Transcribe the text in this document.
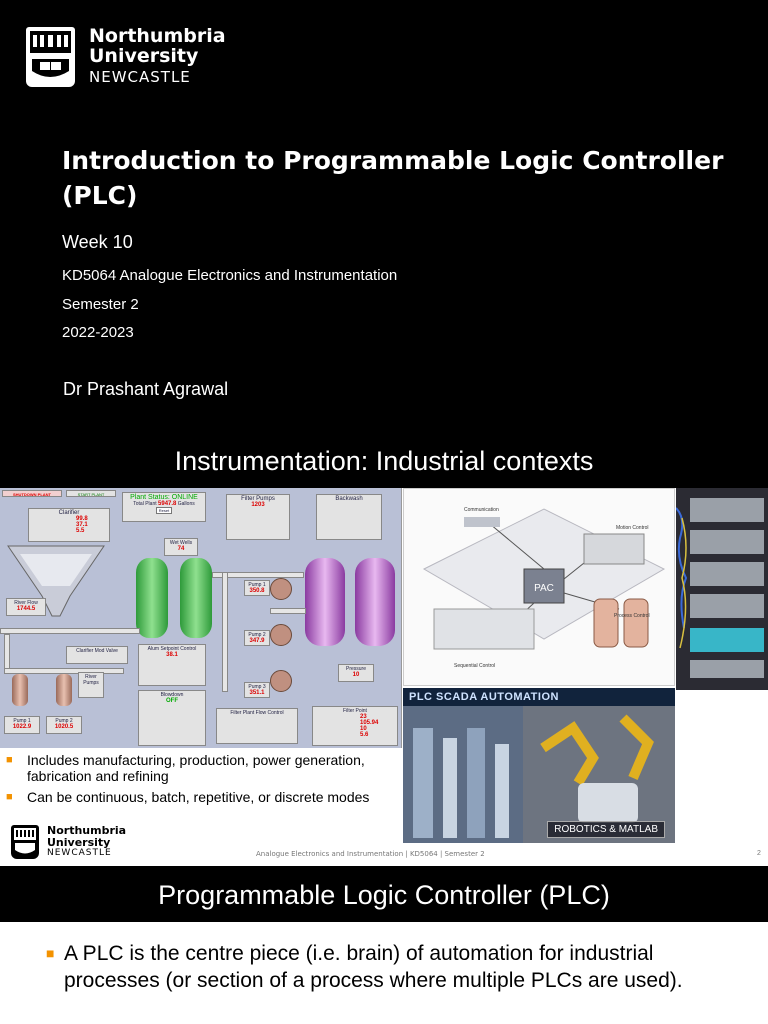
Northumbria
University
NEWCASTLE
Introduction to Programmable Logic Controller (PLC)
Week 10
KD5064 Analogue Electronics and Instrumentation
Semester 2
2022-2023
Dr Prashant Agrawal
Instrumentation: Industrial contexts
SHUTDOWN PLANT	START PLANT	Plant Status: ONLINE
Total Plant 5947.8 Gallons
Reset
Filter Pumps
1203
Backwash
Clarifier
99.8
37.1
5.5
Wet Wells
74
River Flow
1744.5
Pump 1
350.8
Pump 2
347.9
Pump 3
351.1
Clarifier Mod Valve	Alum Setpoint Control
38.1
River Pumps
Blowdown
OFF
Pressure
10
Filter Plant Flow Control	Filter Point
23
105.94
10
5.6
Pump 1
1022.9
Pump 2
1020.5
PAC
Communication
Motion Control
Process Control
Sequential Control
PLC SCADA AUTOMATION
ROBOTICS & MATLAB
■ Includes manufacturing, production, power generation, fabrication and refining
■ Can be continuous, batch, repetitive, or discrete modes
Northumbria
University
NEWCASTLE	Analogue Electronics and Instrumentation | KD5064 | Semester 2	2
Programmable Logic Controller (PLC)
■ A PLC is the centre piece (i.e. brain) of automation for industrial processes (or section of a process where multiple PLCs are used).
